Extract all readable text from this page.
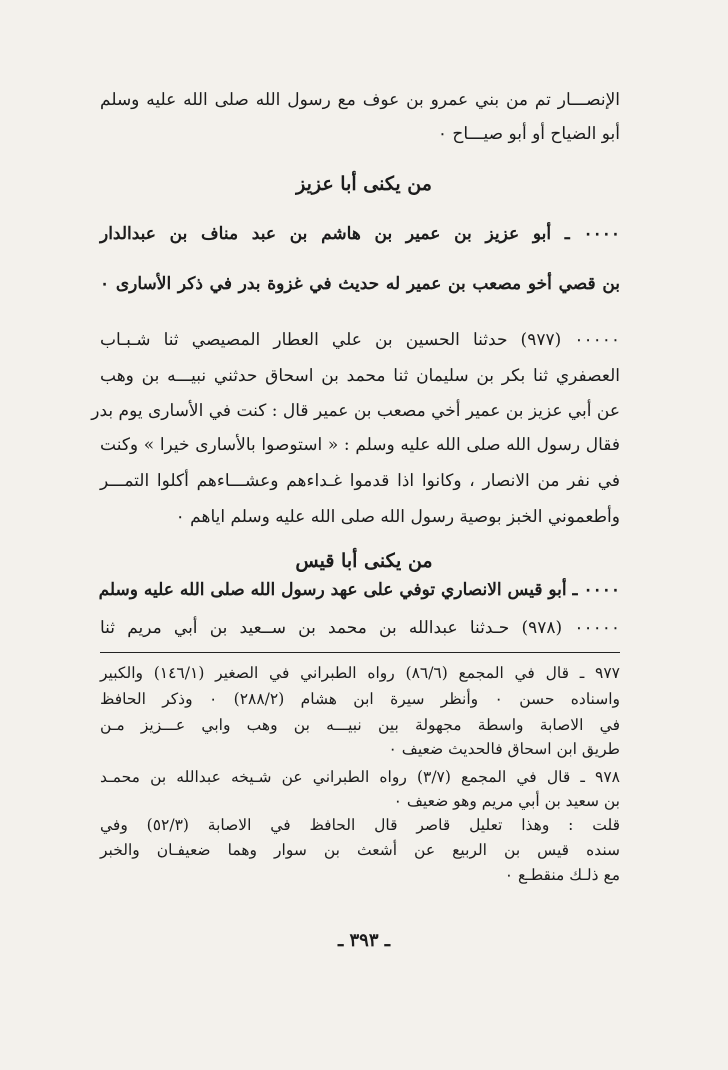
الإنصـــار تم من بني عمرو بن عوف مع رسول الله صلى الله عليه وسلم
أبو الضياح أو أبو صيـــاح ٠
من يكنى أبا عزيز
٠٠٠٠ ـ أبو عزيز بن عمير بن هاشم بن عبد مناف بن عبدالدار
بن قصي أخو مصعب بن عمير له حديث في غزوة بدر في ذكر الأسارى ٠
٠٠٠٠٠ (٩٧٧) حدثنا الحسين بن علي العطار المصيصي ثنا شـبـاب
العصفري ثنا بكر بن سليمان ثنا محمد بن اسحاق حدثني نبيـــه بن وهب
عن أبي عزيز بن عمير أخي مصعب بن عمير قال : كنت في الأسارى يوم بدر
فقال رسول الله صلى الله عليه وسلم : « استوصوا بالأسارى خيرا » وكنت
في نفر من الانصار ، وكانوا اذا قدموا غـداءهم وعشـــاءهم أكلوا التمـــر
وأطعموني الخبز بوصية رسول الله صلى الله عليه وسلم اياهم ٠
من يكنى أبا قيس
٠٠٠٠ ـ أبو قيس الانصاري توفي على عهد رسول الله صلى الله عليه وسلم
٠٠٠٠٠ (٩٧٨) حـدثنا عبدالله بن محمد بن ســعيد بن أبي مريم ثنا
٩٧٧ ـ قال في المجمع (٨٦/٦) رواه الطبراني في الصغير (١٤٦/١) والكبير
واسناده حسن ٠ وأنظر سيرة ابن هشام (٢٨٨/٢) ٠ وذكر الحافظ
في الاصابة واسطة مجهولة بين نبيـــه بن وهب وابي عـــزيز مـن
طريق ابن اسحاق فالحديث ضعيف ٠
٩٧٨ ـ قال في المجمع (٣/٧) رواه الطبراني عن شـيخه عبدالله بن محمـد
بن سعيد بن أبي مريم وهو ضعيف ٠
قلت : وهذا تعليل قاصر قال الحافظ في الاصابة (٥٢/٣) وفي
سنده قيس بن الربيع عن أشعث بن سوار وهما ضعيفـان والخبر
مع ذلـك منقطـع ٠
ـ ٣٩٣ ـ
